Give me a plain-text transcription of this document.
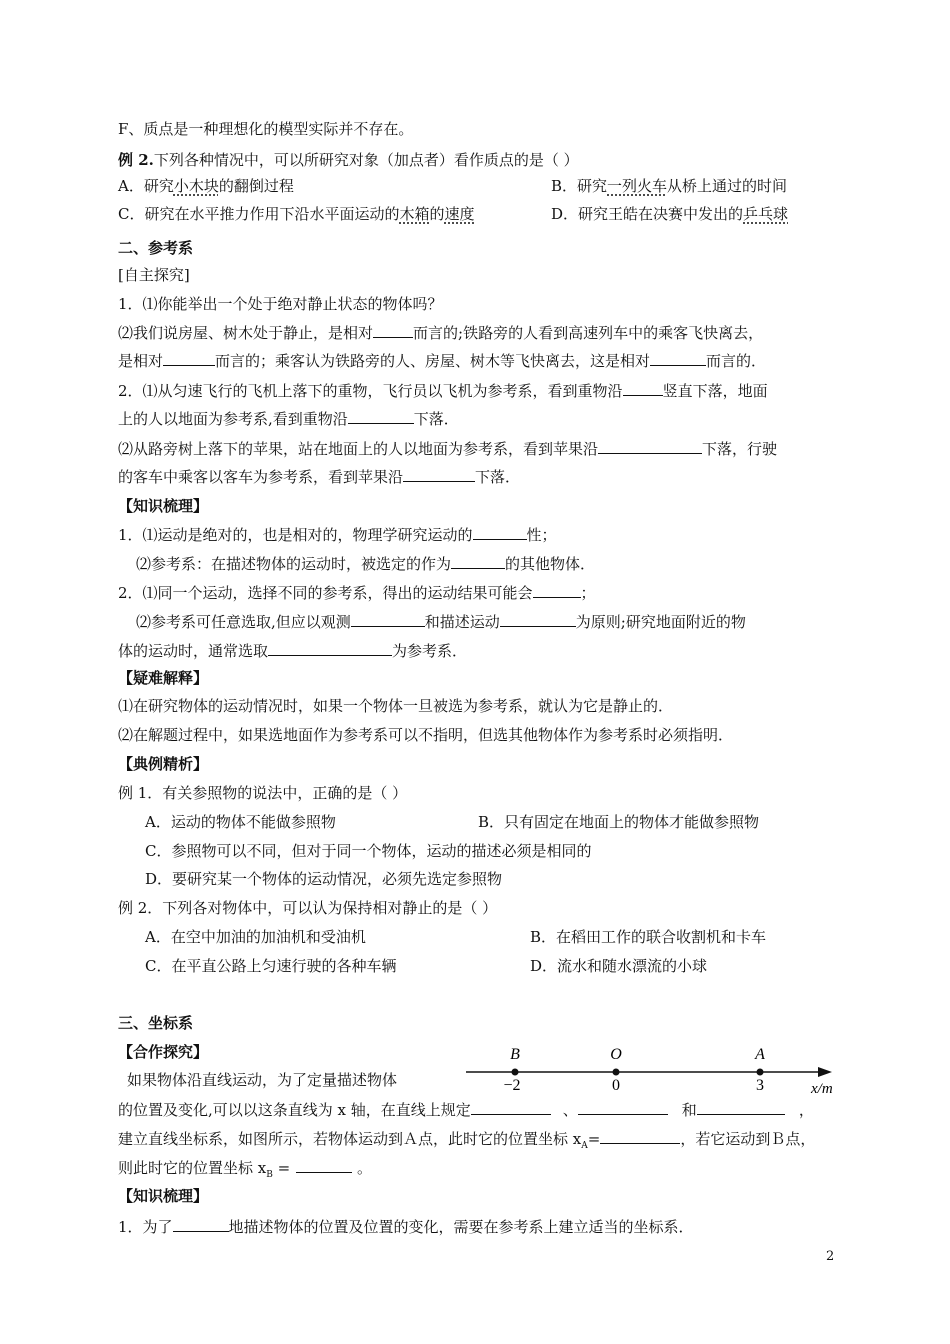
F、质点是一种理想化的模型实际并不存在。
例 2.下列各种情况中，可以所研究对象（加点者）看作质点的是（ ）
A．研究小木块的翻倒过程	B．研究一列火车从桥上通过的时间
C．研究在水平推力作用下沿水平面运动的木箱的速度	D．研究王皓在决赛中发出的乒乓球
二、参考系
[自主探究]
1．⑴你能举出一个处于绝对静止状态的物体吗？
⑵我们说房屋、树木处于静止，是相对	而言的;铁路旁的人看到高速列车中的乘客飞快离去，
是相对	而言的；乘客认为铁路旁的人、房屋、树木等飞快离去，这是相对	而言的．
2．⑴从匀速飞行的飞机上落下的重物，飞行员以飞机为参考系，看到重物沿	竖直下落，地面
上的人以地面为参考系,看到重物沿	下落．
⑵从路旁树上落下的苹果，站在地面上的人以地面为参考系，看到苹果沿	下落，行驶
的客车中乘客以客车为参考系，看到苹果沿	下落．
【知识梳理】
1．⑴运动是绝对的，也是相对的，物理学研究运动的	性；
⑵参考系：在描述物体的运动时，被选定的作为	的其他物体．
2．⑴同一个运动，选择不同的参考系，得出的运动结果可能会	；
⑵参考系可任意选取,但应以观测	和描述运动	为原则;研究地面附近的物
体的运动时，通常选取	为参考系．
【疑难解释】
⑴在研究物体的运动情况时，如果一个物体一旦被选为参考系，就认为它是静止的．
⑵在解题过程中，如果选地面作为参考系可以不指明，但选其他物体作为参考系时必须指明．
【典例精析】
例 1．有关参照物的说法中，正确的是（ ）
A．运动的物体不能做参照物	B．只有固定在地面上的物体才能做参照物
C．参照物可以不同，但对于同一个物体，运动的描述必须是相同的
D．要研究某一个物体的运动情况，必须先选定参照物
例 2．下列各对物体中，可以认为保持相对静止的是（ ）
A．在空中加油的加油机和受油机	B．在稻田工作的联合收割机和卡车
C．在平直公路上匀速行驶的各种车辆	D．流水和随水漂流的小球
三、坐标系
【合作探究】	B	O	A
−2	0	3	x/m
如果物体沿直线运动，为了定量描述物体
的位置及变化,可以以这条直线为 x 轴，在直线上规定	、	和	，
建立直线坐标系，如图所示，若物体运动到Ａ点，此时它的位置坐标 $x_A=$	，若它运动到Ｂ点，
则此时它的位置坐标 $x_B$ =	。
【知识梳理】
1．为了	地描述物体的位置及位置的变化，需要在参考系上建立适当的坐标系．
2
